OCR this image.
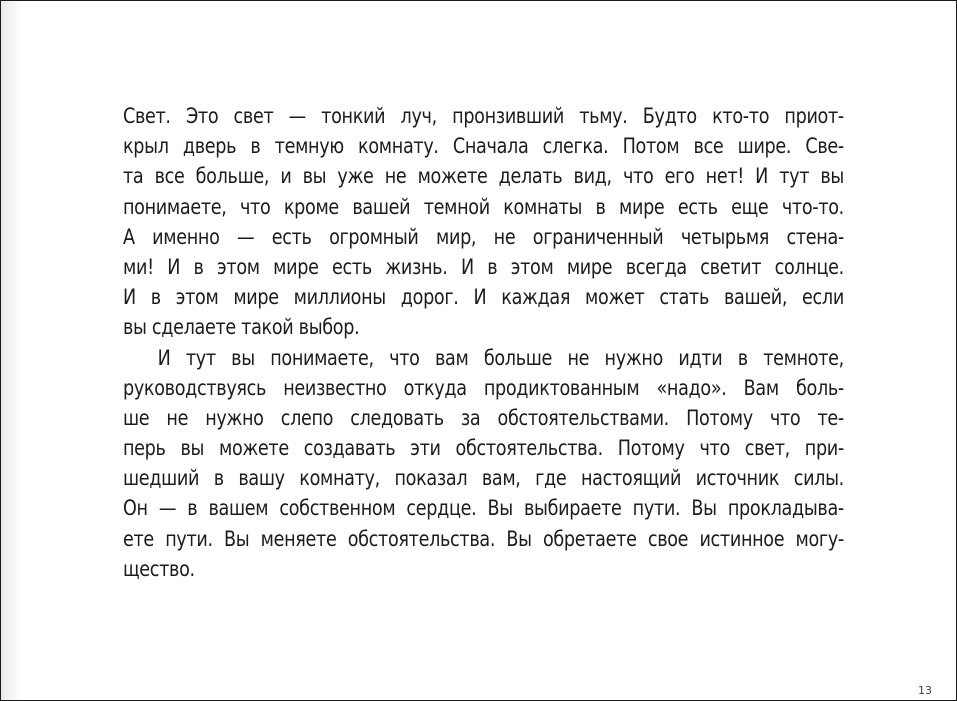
Свет. Это свет — тонкий луч, пронзивший тьму. Будто кто-то приот-
крыл дверь в темную комнату. Сначала слегка. Потом все шире. Све-
та все больше, и вы уже не можете делать вид, что его нет! И тут вы
понимаете, что кроме вашей темной комнаты в мире есть еще что-то.
А именно — есть огромный мир, не ограниченный четырьмя стена-
ми! И в этом мире есть жизнь. И в этом мире всегда светит солнце.
И в этом мире миллионы дорог. И каждая может стать вашей, если
вы сделаете такой выбор.
И тут вы понимаете, что вам больше не нужно идти в темноте,
руководствуясь неизвестно откуда продиктованным «надо». Вам боль-
ше не нужно слепо следовать за обстоятельствами. Потому что те-
перь вы можете создавать эти обстоятельства. Потому что свет, при-
шедший в вашу комнату, показал вам, где настоящий источник силы.
Он — в вашем собственном сердце. Вы выбираете пути. Вы прокладыва-
ете пути. Вы меняете обстоятельства. Вы обретаете свое истинное могу-
щество.
13
